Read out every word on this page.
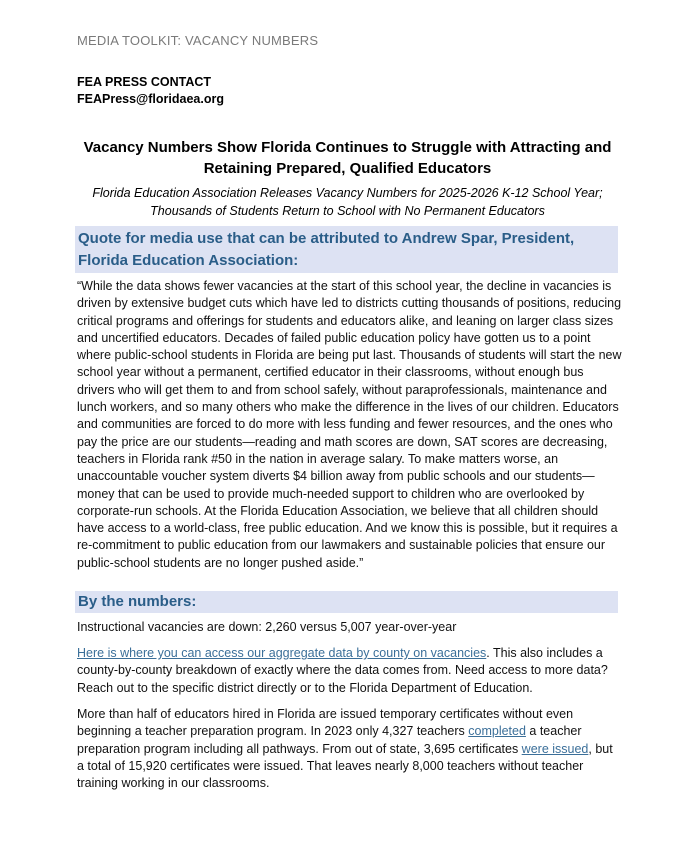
MEDIA TOOLKIT: VACANCY NUMBERS
FEA PRESS CONTACT
FEAPress@floridaea.org
Vacancy Numbers Show Florida Continues to Struggle with Attracting and
Retaining Prepared, Qualified Educators
Florida Education Association Releases Vacancy Numbers for 2025-2026 K-12 School Year;
Thousands of Students Return to School with No Permanent Educators
Quote for media use that can be attributed to Andrew Spar, President,
Florida Education Association:
“While the data shows fewer vacancies at the start of this school year, the decline in vacancies is driven by extensive budget cuts which have led to districts cutting thousands of positions, reducing critical programs and offerings for students and educators alike, and leaning on larger class sizes and uncertified educators. Decades of failed public education policy have gotten us to a point where public-school students in Florida are being put last. Thousands of students will start the new school year without a permanent, certified educator in their classrooms, without enough bus drivers who will get them to and from school safely, without paraprofessionals, maintenance and lunch workers, and so many others who make the difference in the lives of our children. Educators and communities are forced to do more with less funding and fewer resources, and the ones who pay the price are our students—reading and math scores are down, SAT scores are decreasing, teachers in Florida rank #50 in the nation in average salary. To make matters worse, an unaccountable voucher system diverts $4 billion away from public schools and our students—money that can be used to provide much-needed support to children who are overlooked by corporate-run schools. At the Florida Education Association, we believe that all children should have access to a world-class, free public education. And we know this is possible, but it requires a re-commitment to public education from our lawmakers and sustainable policies that ensure our public-school students are no longer pushed aside.”
By the numbers:
Instructional vacancies are down: 2,260 versus 5,007 year-over-year
Here is where you can access our aggregate data by county on vacancies. This also includes a county-by-county breakdown of exactly where the data comes from. Need access to more data? Reach out to the specific district directly or to the Florida Department of Education.
More than half of educators hired in Florida are issued temporary certificates without even beginning a teacher preparation program. In 2023 only 4,327 teachers completed a teacher preparation program including all pathways. From out of state, 3,695 certificates were issued, but a total of 15,920 certificates were issued. That leaves nearly 8,000 teachers without teacher training working in our classrooms.
